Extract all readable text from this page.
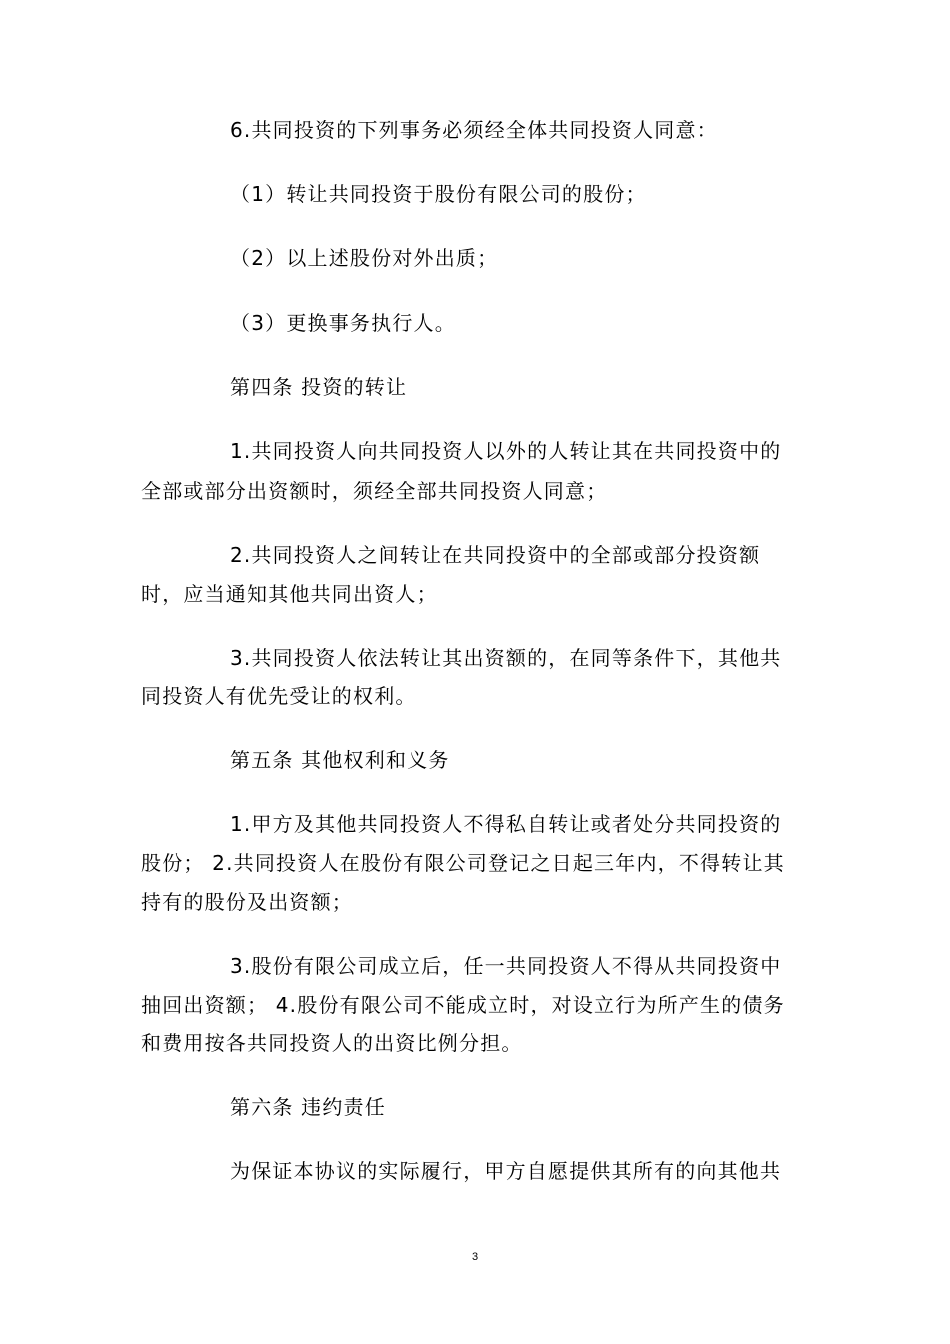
6.共同投资的下列事务必须经全体共同投资人同意：
（1）转让共同投资于股份有限公司的股份；
（2）以上述股份对外出质；
（3）更换事务执行人。
第四条 投资的转让
1.共同投资人向共同投资人以外的人转让其在共同投资中的
全部或部分出资额时，须经全部共同投资人同意；
2.共同投资人之间转让在共同投资中的全部或部分投资额
时，应当通知其他共同出资人；
3.共同投资人依法转让其出资额的，在同等条件下，其他共
同投资人有优先受让的权利。
第五条 其他权利和义务
1.甲方及其他共同投资人不得私自转让或者处分共同投资的
股份； 2.共同投资人在股份有限公司登记之日起三年内，不得转让其
持有的股份及出资额；
3.股份有限公司成立后，任一共同投资人不得从共同投资中
抽回出资额； 4.股份有限公司不能成立时，对设立行为所产生的债务
和费用按各共同投资人的出资比例分担。
第六条 违约责任
为保证本协议的实际履行，甲方自愿提供其所有的向其他共
3
